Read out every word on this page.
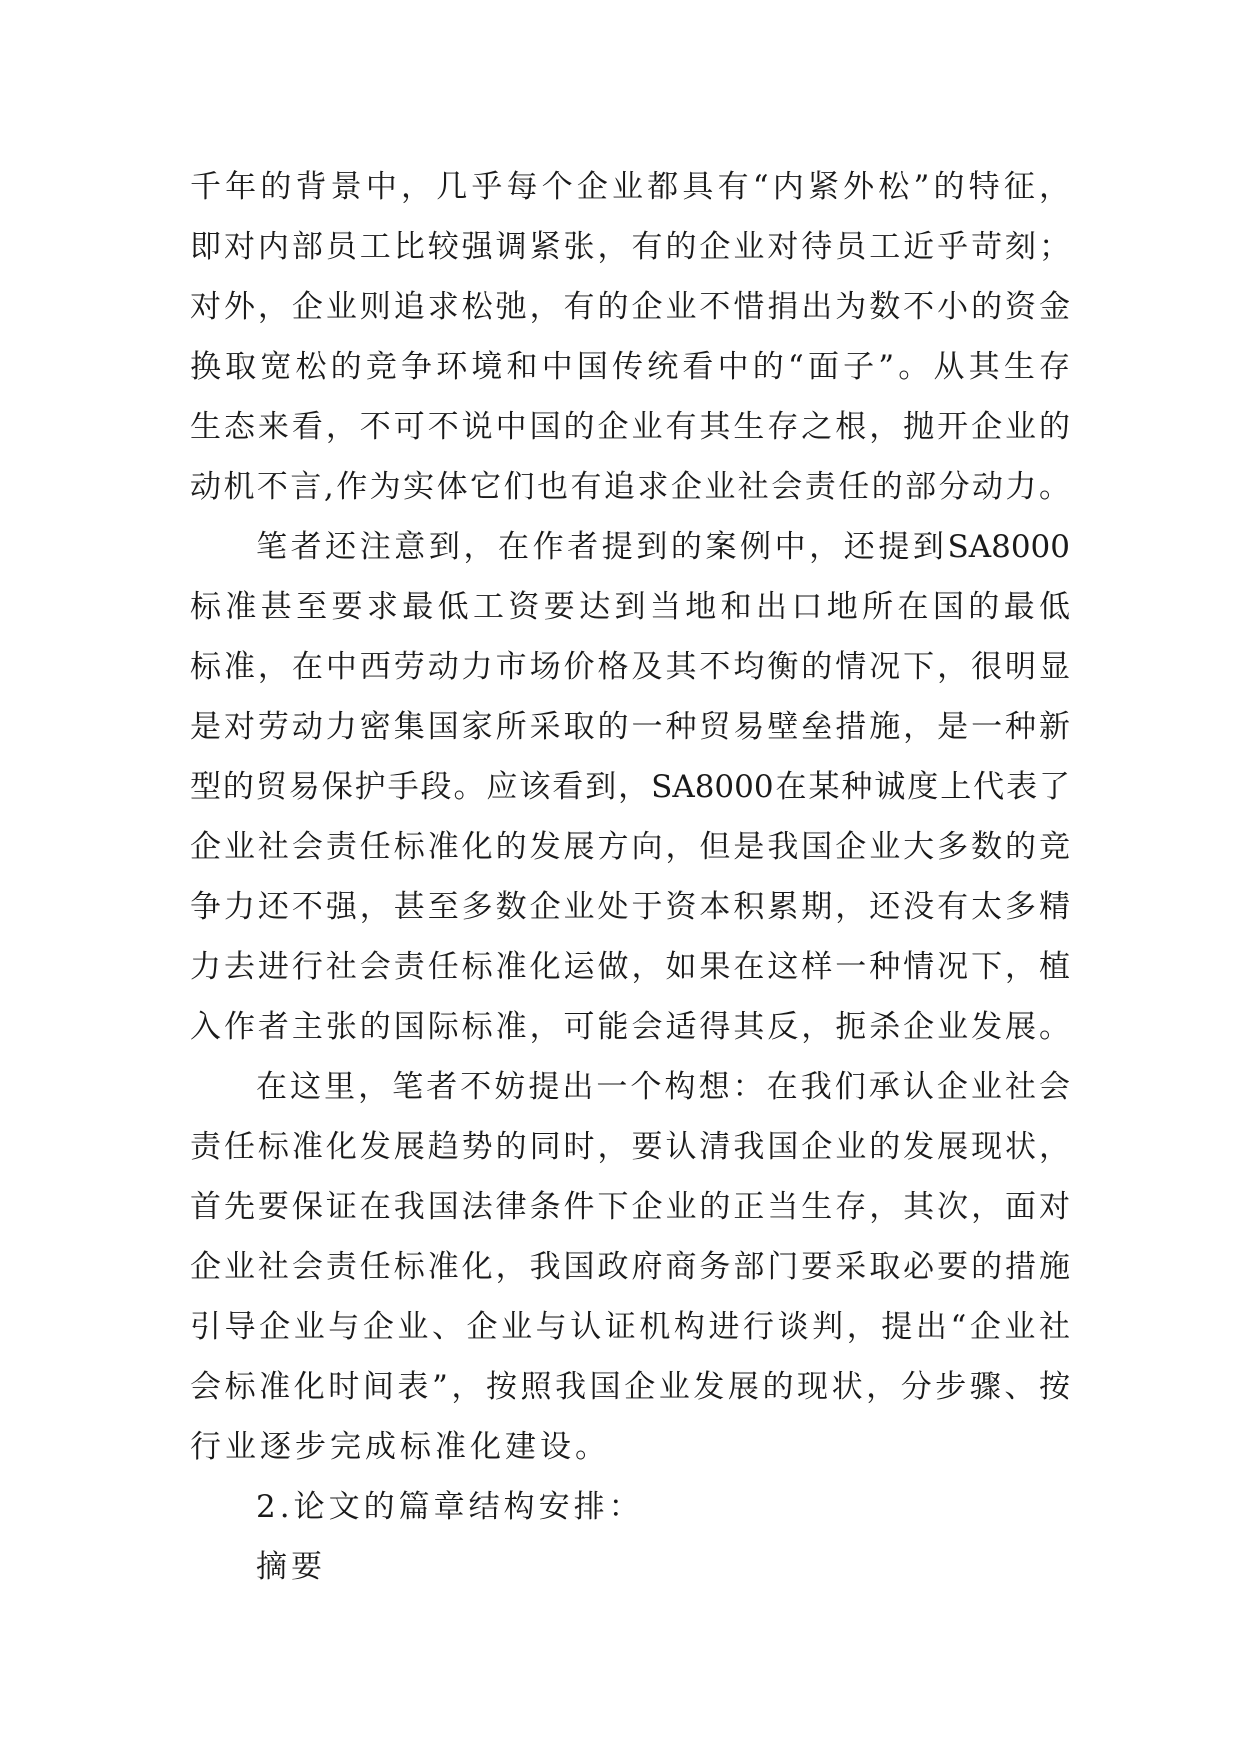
千年的背景中，几乎每个企业都具有“内紧外松”的特征，
即对内部员工比较强调紧张，有的企业对待员工近乎苛刻；
对外，企业则追求松弛，有的企业不惜捐出为数不小的资金
换取宽松的竞争环境和中国传统看中的“面子”。从其生存
生态来看，不可不说中国的企业有其生存之根，抛开企业的
动机不言,作为实体它们也有追求企业社会责任的部分动力。
笔者还注意到，在作者提到的案例中，还提到SA8000
标准甚至要求最低工资要达到当地和出口地所在国的最低
标准，在中西劳动力市场价格及其不均衡的情况下，很明显
是对劳动力密集国家所采取的一种贸易壁垒措施，是一种新
型的贸易保护手段。应该看到，SA8000在某种诚度上代表了
企业社会责任标准化的发展方向，但是我国企业大多数的竞
争力还不强，甚至多数企业处于资本积累期，还没有太多精
力去进行社会责任标准化运做，如果在这样一种情况下，植
入作者主张的国际标准，可能会适得其反，扼杀企业发展。
在这里，笔者不妨提出一个构想：在我们承认企业社会
责任标准化发展趋势的同时，要认清我国企业的发展现状，
首先要保证在我国法律条件下企业的正当生存，其次，面对
企业社会责任标准化，我国政府商务部门要采取必要的措施
引导企业与企业、企业与认证机构进行谈判，提出“企业社
会标准化时间表”，按照我国企业发展的现状，分步骤、按
行业逐步完成标准化建设。
2.论文的篇章结构安排：
摘要
